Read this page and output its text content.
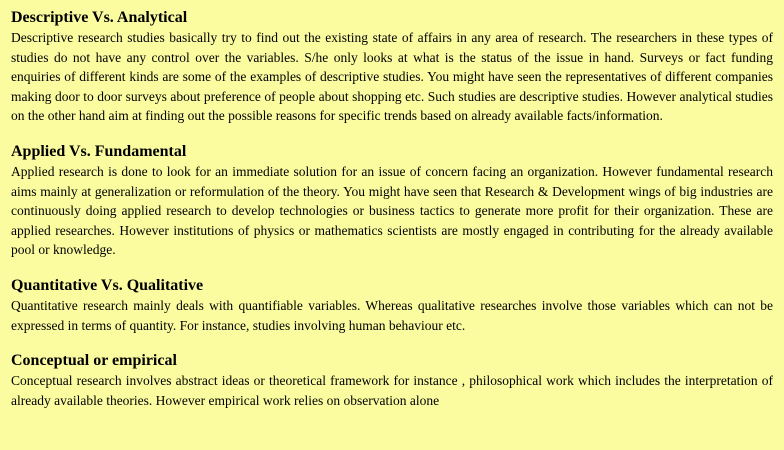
Descriptive Vs. Analytical

Descriptive research studies basically try to find out the existing state of affairs in any area of research. The researchers in these types of studies do not have any control over the variables. S/he only looks at what is the status of the issue in hand. Surveys or fact funding enquiries of different kinds are some of the examples of descriptive studies. You might have seen the representatives of different companies making door to door surveys about preference of people about shopping etc. Such studies are descriptive studies. However analytical studies on the other hand aim at finding out the possible reasons for specific trends based on already available facts/information.

Applied Vs. Fundamental

Applied research is done to look for an immediate solution for an issue of concern facing an organization. However fundamental research aims mainly at generalization or reformulation of the theory. You might have seen that Research & Development wings of big industries are continuously doing applied research to develop technologies or business tactics to generate more profit for their organization. These are applied researches. However institutions of physics or mathematics scientists are mostly engaged in contributing for the already available pool or knowledge.

Quantitative Vs. Qualitative

Quantitative research mainly deals with quantifiable variables. Whereas qualitative researches involve those variables which can not be expressed in terms of quantity. For instance, studies involving human behaviour etc.

Conceptual or empirical

Conceptual research involves abstract ideas or theoretical framework for instance , philosophical work which includes the interpretation of already available theories. However empirical work relies on observation alone
